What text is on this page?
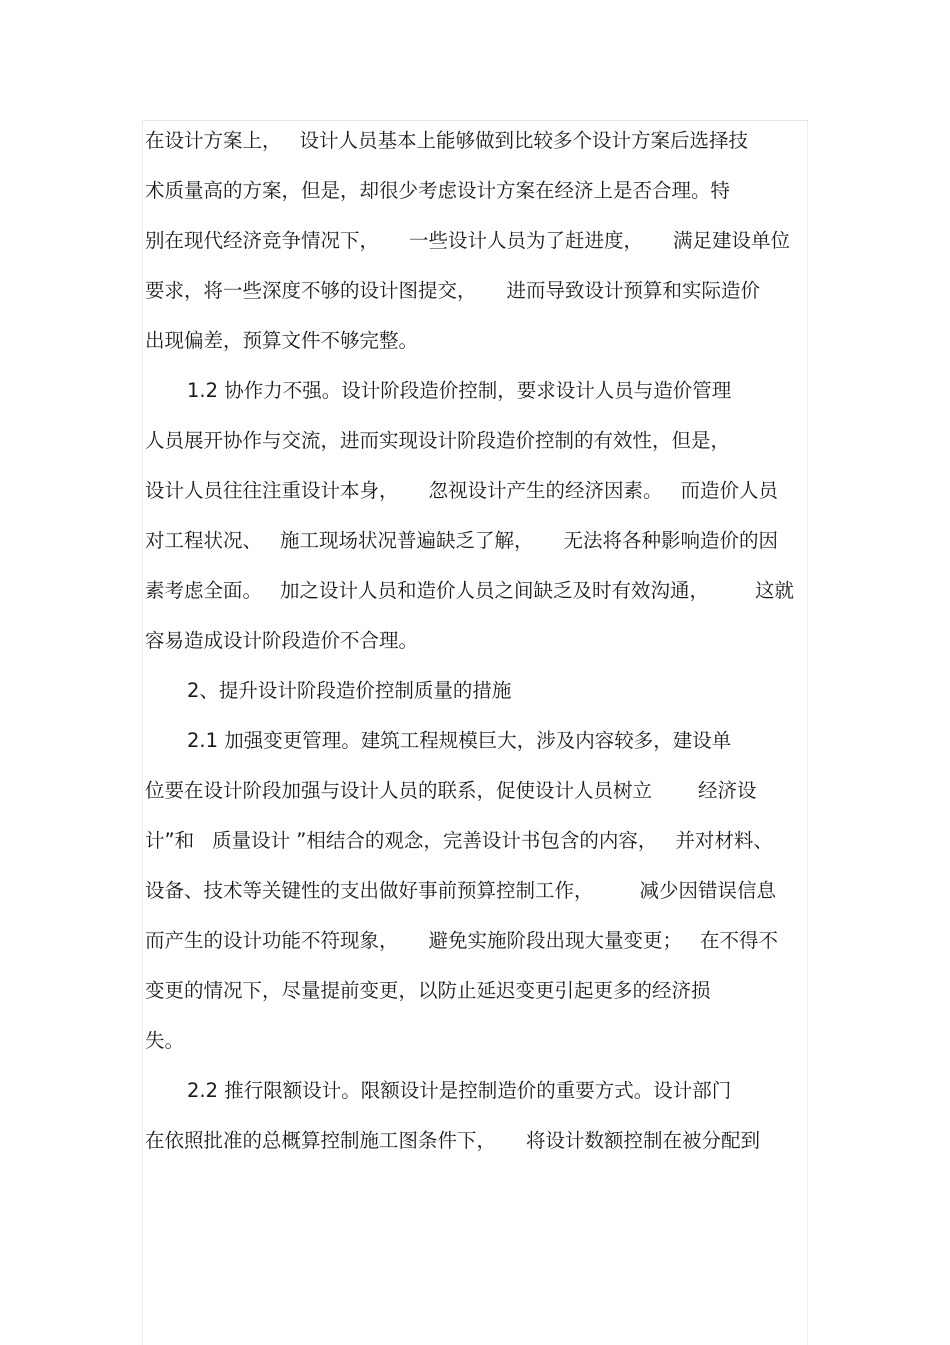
在设计方案上， 设计人员基本上能够做到比较多个设计方案后选择技
术质量高的方案，但是，却很少考虑设计方案在经济上是否合理。特
别在现代经济竞争情况下， 一些设计人员为了赶进度， 满足建设单位
要求，将一些深度不够的设计图提交， 进而导致设计预算和实际造价
出现偏差，预算文件不够完整。
1.2 协作力不强。设计阶段造价控制，要求设计人员与造价管理
人员展开协作与交流，进而实现设计阶段造价控制的有效性，但是，
设计人员往往注重设计本身， 忽视设计产生的经济因素。 而造价人员
对工程状况、 施工现场状况普遍缺乏了解， 无法将各种影响造价的因
素考虑全面。 加之设计人员和造价人员之间缺乏及时有效沟通， 这就
容易造成设计阶段造价不合理。
2、提升设计阶段造价控制质量的措施
2.1 加强变更管理。建筑工程规模巨大，涉及内容较多，建设单
位要在设计阶段加强与设计人员的联系，促使设计人员树立 经济设
计”和 质量设计 ”相结合的观念，完善设计书包含的内容， 并对材料、
设备、技术等关键性的支出做好事前预算控制工作， 减少因错误信息
而产生的设计功能不符现象， 避免实施阶段出现大量变更； 在不得不
变更的情况下，尽量提前变更，以防止延迟变更引起更多的经济损
失。
2.2 推行限额设计。限额设计是控制造价的重要方式。设计部门
在依照批准的总概算控制施工图条件下， 将设计数额控制在被分配到
